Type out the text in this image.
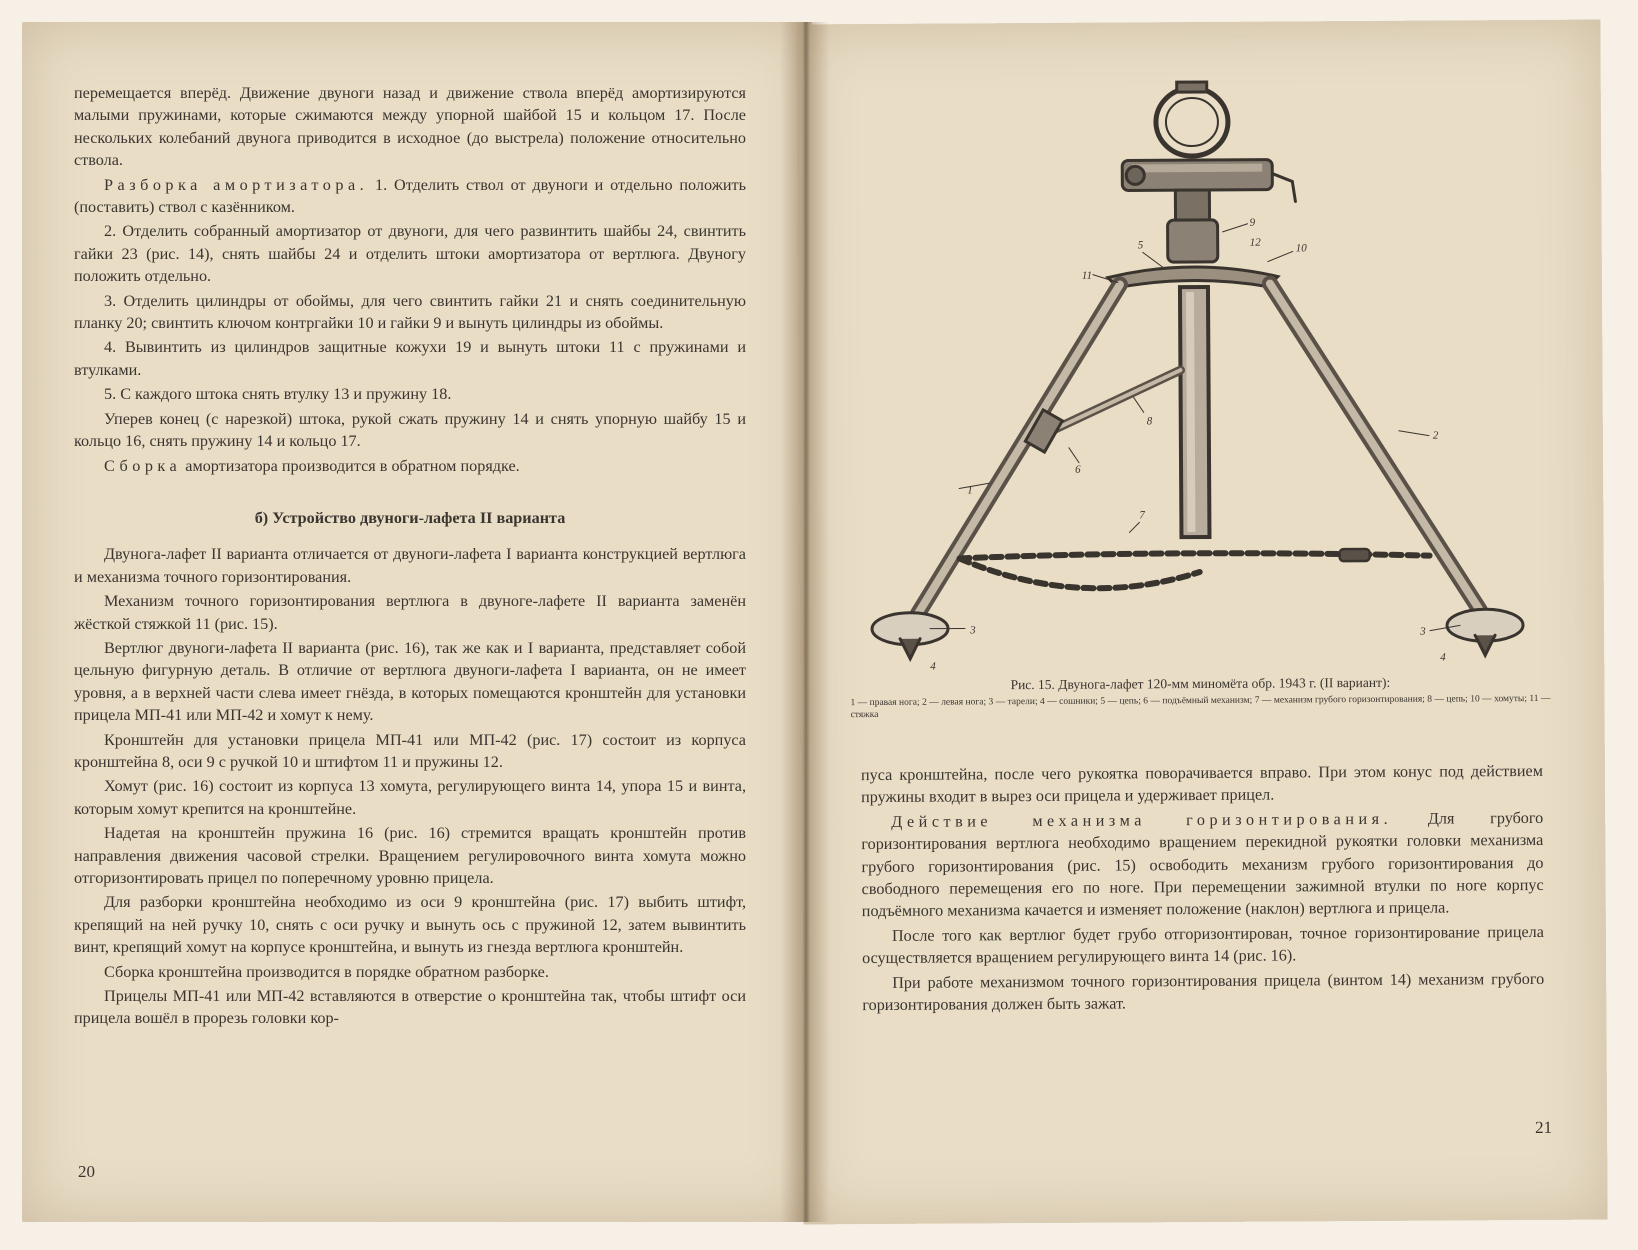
перемещается вперёд. Движение двуноги назад и движение ствола вперёд амортизируются малыми пружинами, которые сжимаются между упорной шайбой 15 и кольцом 17. После нескольких колебаний двунога приводится в исходное (до выстрела) положение относительно ствола.

Разборка амортизатора. 1. Отделить ствол от двуноги и отдельно положить (поставить) ствол с казёнником.

2. Отделить собранный амортизатор от двуноги, для чего развинтить шайбы 24, свинтить гайки 23 (рис. 14), снять шайбы 24 и отделить штоки амортизатора от вертлюга. Двуногу положить отдельно.

3. Отделить цилиндры от обоймы, для чего свинтить гайки 21 и снять соединительную планку 20; свинтить ключом контргайки 10 и гайки 9 и вынуть цилиндры из обоймы.

4. Вывинтить из цилиндров защитные кожухи 19 и вынуть штоки 11 с пружинами и втулками.

5. С каждого штока снять втулку 13 и пружину 18.

Уперев конец (с нарезкой) штока, рукой сжать пружину 14 и снять упорную шайбу 15 и кольцо 16, снять пружину 14 и кольцо 17.

Сборка амортизатора производится в обратном порядке.

б) Устройство двуноги-лафета II варианта

Двунога-лафет II варианта отличается от двуноги-лафета I варианта конструкцией вертлюга и механизма точного горизонтирования.

Механизм точного горизонтирования вертлюга в двуноге-лафете II варианта заменён жёсткой стяжкой 11 (рис. 15).

Вертлюг двуноги-лафета II варианта (рис. 16), так же как и I варианта, представляет собой цельную фигурную деталь. В отличие от вертлюга двуноги-лафета I варианта, он не имеет уровня, а в верхней части слева имеет гнёзда, в которых помещаются кронштейн для установки прицела МП-41 или МП-42 и хомут к нему.

Кронштейн для установки прицела МП-41 или МП-42 (рис. 17) состоит из корпуса кронштейна 8, оси 9 с ручкой 10 и штифтом 11 и пружины 12.

Хомут (рис. 16) состоит из корпуса 13 хомута, регулирующего винта 14, упора 15 и винта, которым хомут крепится на кронштейне.

Надетая на кронштейн пружина 16 (рис. 16) стремится вращать кронштейн против направления движения часовой стрелки. Вращением регулировочного винта хомута можно отгоризонтировать прицел по поперечному уровню прицела.

Для разборки кронштейна необходимо из оси 9 кронштейна (рис. 17) выбить штифт, крепящий на ней ручку 10, снять с оси ручку и вынуть ось с пружиной 12, затем вывинтить винт, крепящий хомут на корпусе кронштейна, и вынуть из гнезда вертлюга кронштейн.

Сборка кронштейна производится в порядке обратном разборке.

Прицелы МП-41 или МП-42 вставляются в отверстие о кронштейна так, чтобы штифт оси прицела вошёл в прорезь головки кор-

20
1
2
3	3
4
4
5
6
7
8
9
10
11
12
Рис. 15. Двунога-лафет 120-мм миномёта обр. 1943 г. (II вариант):
1 — правая нога; 2 — левая нога; 3 — тарели; 4 — сошники; 5 — цепь; 6 — подъёмный механизм; 7 — механизм грубого горизонтирования; 8 — цепь; 10 — хомуты; 11 — стяжка

пуса кронштейна, после чего рукоятка поворачивается вправо. При этом конус под действием пружины входит в вырез оси прицела и удерживает прицел.

Действие механизма горизонтирования. Для грубого горизонтирования вертлюга необходимо вращением перекидной рукоятки головки механизма грубого горизонтирования (рис. 15) освободить механизм грубого горизонтирования до свободного перемещения его по ноге. При перемещении зажимной втулки по ноге корпус подъёмного механизма качается и изменяет положение (наклон) вертлюга и прицела.

После того как вертлюг будет грубо отгоризонтирован, точное горизонтирование прицела осуществляется вращением регулирующего винта 14 (рис. 16).

При работе механизмом точного горизонтирования прицела (винтом 14) механизм грубого горизонтирования должен быть зажат.

21
